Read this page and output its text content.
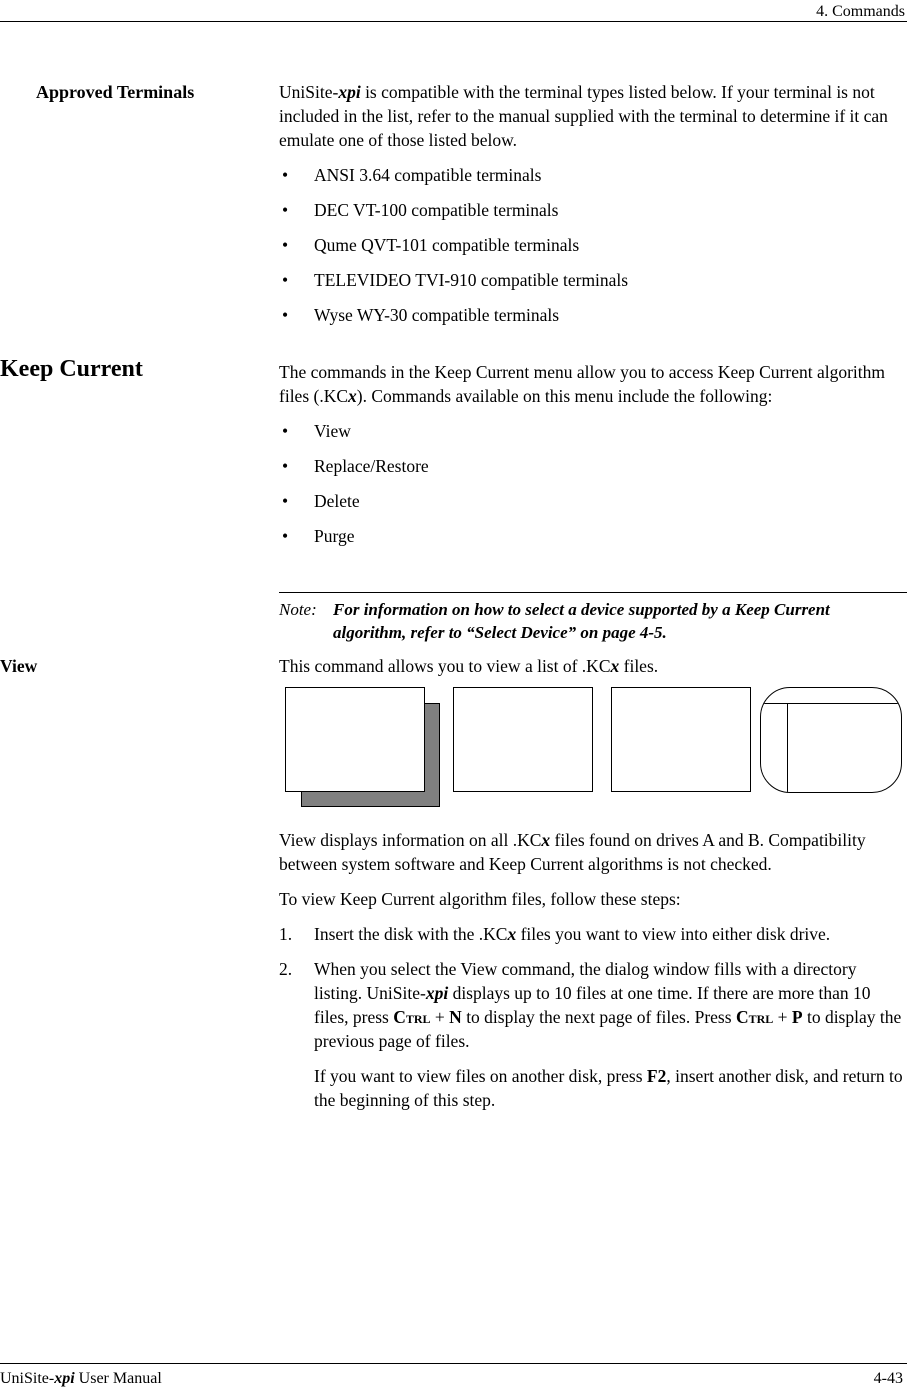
4. Commands
Approved Terminals	UniSite-xpi is compatible with the terminal types listed below. If your terminal is not included in the list, refer to the manual supplied with the terminal to determine if it can emulate one of those listed below.

• ANSI 3.64 compatible terminals
• DEC VT-100 compatible terminals
• Qume QVT-101 compatible terminals
• TELEVIDEO TVI-910 compatible terminals
• Wyse WY-30 compatible terminals
Keep Current	The commands in the Keep Current menu allow you to access Keep Current algorithm files (.KCx). Commands available on this menu include the following:

• View
• Replace/Restore
• Delete
• Purge
Note: For information on how to select a device supported by a Keep Current algorithm, refer to “Select Device” on page 4-5.
View	This command allows you to view a list of .KCx files.

View displays information on all .KCx files found on drives A and B. Compatibility between system software and Keep Current algorithms is not checked.

To view Keep Current algorithm files, follow these steps:

1. Insert the disk with the .KCx files you want to view into either disk drive.
2. When you select the View command, the dialog window fills with a directory listing. UniSite-xpi displays up to 10 files at one time. If there are more than 10 files, press Ctrl + N to display the next page of files. Press Ctrl + P to display the previous page of files.

If you want to view files on another disk, press F2, insert another disk, and return to the beginning of this step.

UniSite-xpi User Manual	4-43
